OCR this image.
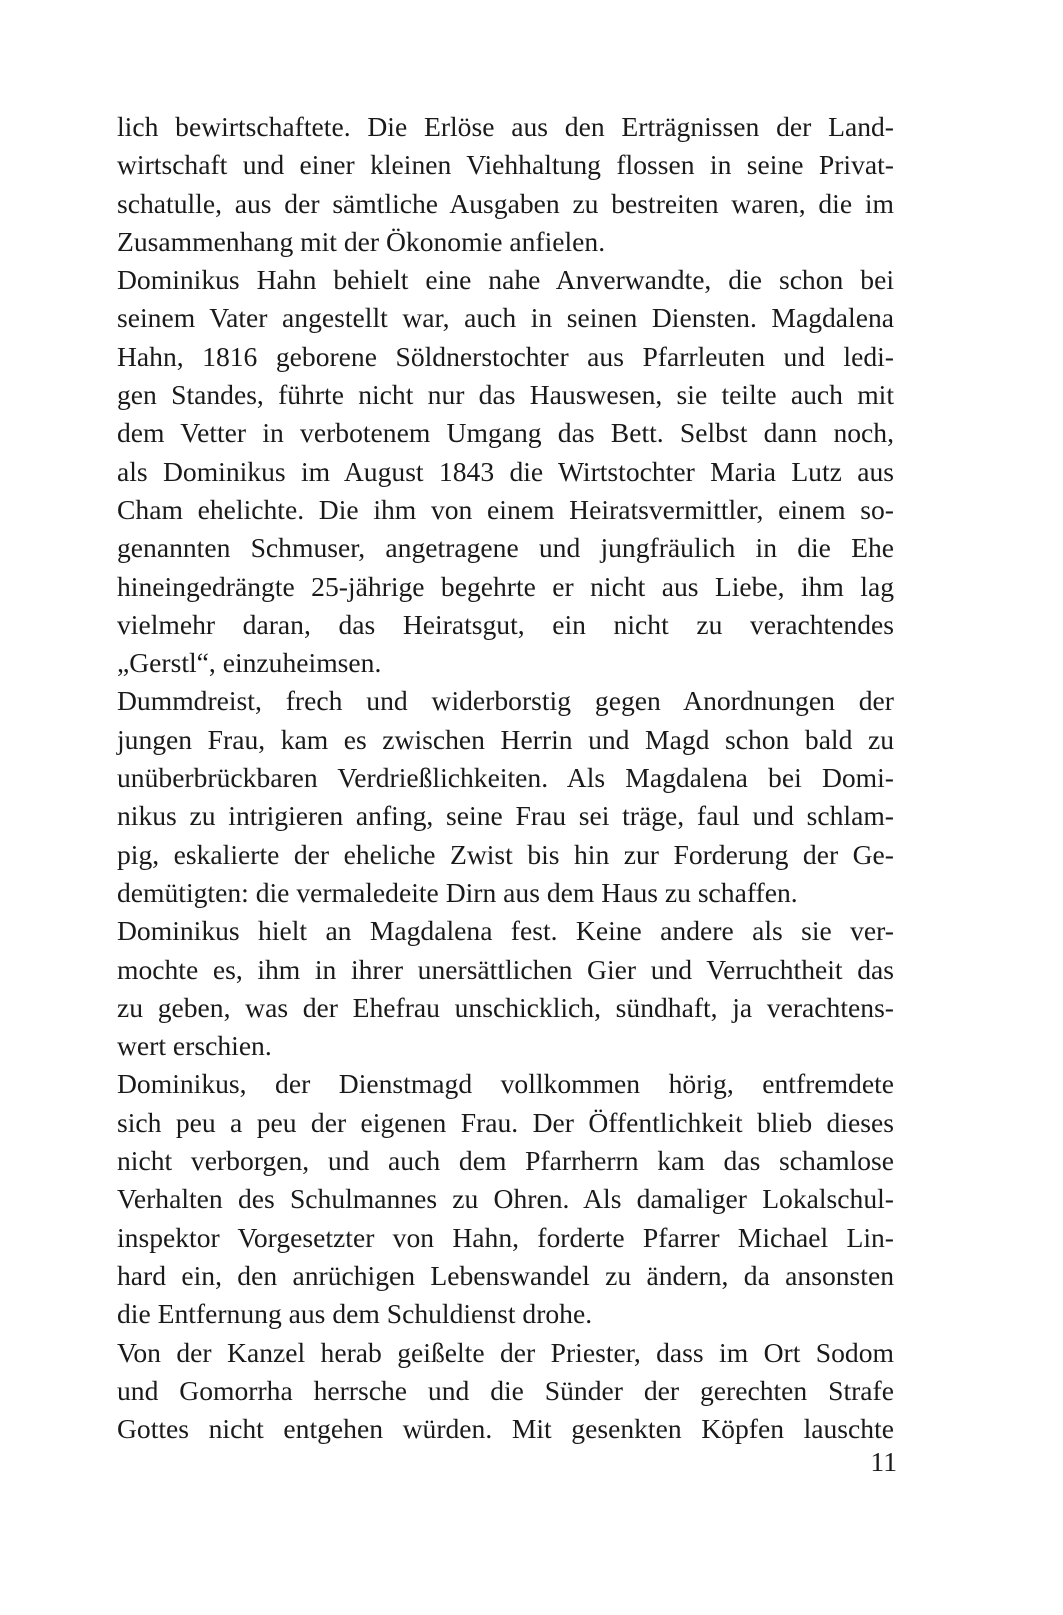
lich bewirtschaftete. Die Erlöse aus den Erträgnissen der Land-
wirtschaft und einer kleinen Viehhaltung flossen in seine Privat-
schatulle, aus der sämtliche Ausgaben zu bestreiten waren, die im
Zusammenhang mit der Ökonomie anfielen.

Dominikus Hahn behielt eine nahe Anverwandte, die schon bei
seinem Vater angestellt war, auch in seinen Diensten. Magdalena
Hahn, 1816 geborene Söldnerstochter aus Pfarrleuten und ledi-
gen Standes, führte nicht nur das Hauswesen, sie teilte auch mit
dem Vetter in verbotenem Umgang das Bett. Selbst dann noch,
als Dominikus im August 1843 die Wirtstochter Maria Lutz aus
Cham ehelichte. Die ihm von einem Heiratsvermittler, einem so-
genannten Schmuser, angetragene und jungfräulich in die Ehe
hineingedrängte 25-jährige begehrte er nicht aus Liebe, ihm lag
vielmehr daran, das Heiratsgut, ein nicht zu verachtendes
„Gerstl“, einzuheimsen.

Dummdreist, frech und widerborstig gegen Anordnungen der
jungen Frau, kam es zwischen Herrin und Magd schon bald zu
unüberbrückbaren Verdrießlichkeiten. Als Magdalena bei Domi-
nikus zu intrigieren anfing, seine Frau sei träge, faul und schlam-
pig, eskalierte der eheliche Zwist bis hin zur Forderung der Ge-
demütigten: die vermaledeite Dirn aus dem Haus zu schaffen.

Dominikus hielt an Magdalena fest. Keine andere als sie ver-
mochte es, ihm in ihrer unersättlichen Gier und Verruchtheit das
zu geben, was der Ehefrau unschicklich, sündhaft, ja verachtens-
wert erschien.

Dominikus, der Dienstmagd vollkommen hörig, entfremdete
sich peu a peu der eigenen Frau. Der Öffentlichkeit blieb dieses
nicht verborgen, und auch dem Pfarrherrn kam das schamlose
Verhalten des Schulmannes zu Ohren. Als damaliger Lokalschul-
inspektor Vorgesetzter von Hahn, forderte Pfarrer Michael Lin-
hard ein, den anrüchigen Lebenswandel zu ändern, da ansonsten
die Entfernung aus dem Schuldienst drohe.

Von der Kanzel herab geißelte der Priester, dass im Ort Sodom
und Gomorrha herrsche und die Sünder der gerechten Strafe
Gottes nicht entgehen würden. Mit gesenkten Köpfen lauschte

11
